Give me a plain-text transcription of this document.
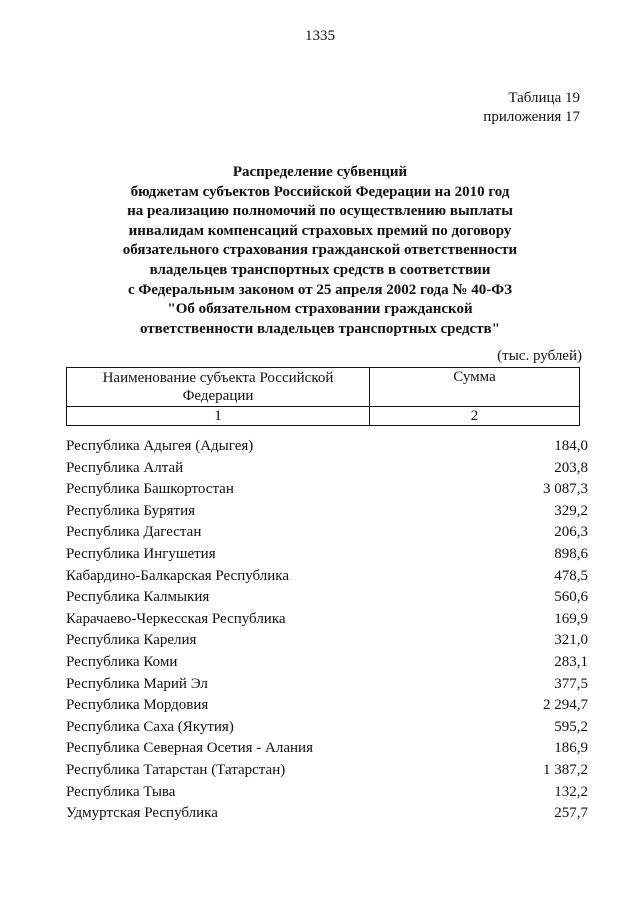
1335
Таблица 19
приложения 17
Распределение субвенций
бюджетам субъектов Российской Федерации на 2010 год
на реализацию полномочий по осуществлению выплаты
инвалидам компенсаций страховых премий по договору
обязательного страхования гражданской ответственности
владельцев транспортных средств в соответствии
с Федеральным законом от 25 апреля 2002 года № 40-ФЗ
"Об обязательном страховании гражданской
ответственности владельцев транспортных средств"
(тыс. рублей)
Наименование субъекта Российской
Федерации	Сумма
1	2
Республика Адыгея (Адыгея)	184,0
Республика Алтай	203,8
Республика Башкортостан	3 087,3
Республика Бурятия	329,2
Республика Дагестан	206,3
Республика Ингушетия	898,6
Кабардино-Балкарская Республика	478,5
Республика Калмыкия	560,6
Карачаево-Черкесская Республика	169,9
Республика Карелия	321,0
Республика Коми	283,1
Республика Марий Эл	377,5
Республика Мордовия	2 294,7
Республика Саха (Якутия)	595,2
Республика Северная Осетия - Алания	186,9
Республика Татарстан (Татарстан)	1 387,2
Республика Тыва	132,2
Удмуртская Республика	257,7
